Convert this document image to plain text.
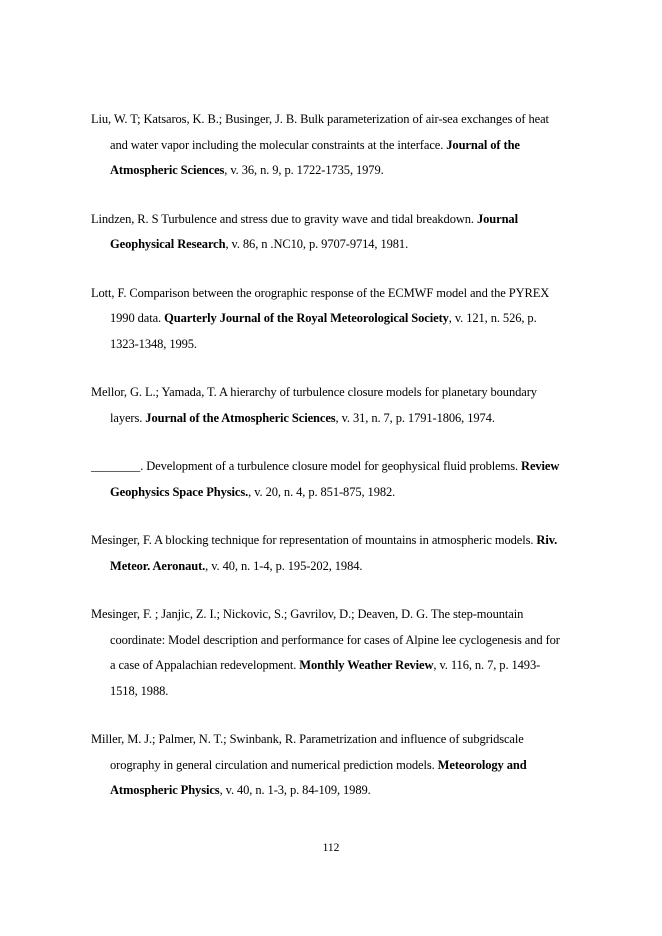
Liu, W. T; Katsaros, K. B.; Businger, J. B. Bulk parameterization of air-sea exchanges of heat and water vapor including the molecular constraints at the interface. Journal of the Atmospheric Sciences, v. 36, n. 9, p. 1722-1735, 1979.

Lindzen, R. S Turbulence and stress due to gravity wave and tidal breakdown. Journal Geophysical Research, v. 86, n .NC10, p. 9707-9714, 1981.

Lott, F. Comparison between the orographic response of the ECMWF model and the PYREX 1990 data. Quarterly Journal of the Royal Meteorological Society, v. 121, n. 526, p. 1323-1348, 1995.

Mellor, G. L.; Yamada, T. A hierarchy of turbulence closure models for planetary boundary layers. Journal of the Atmospheric Sciences, v. 31, n. 7, p. 1791-1806, 1974.

________. Development of a turbulence closure model for geophysical fluid problems. Review Geophysics Space Physics., v. 20, n. 4, p. 851-875, 1982.

Mesinger, F. A blocking technique for representation of mountains in atmospheric models. Riv. Meteor. Aeronaut., v. 40, n. 1-4, p. 195-202, 1984.

Mesinger, F. ; Janjic, Z. I.; Nickovic, S.; Gavrilov, D.; Deaven, D. G. The step-mountain coordinate: Model description and performance for cases of Alpine lee cyclogenesis and for a case of Appalachian redevelopment. Monthly Weather Review, v. 116, n. 7, p. 1493-1518, 1988.

Miller, M. J.; Palmer, N. T.; Swinbank, R. Parametrization and influence of subgridscale orography in general circulation and numerical prediction models. Meteorology and Atmospheric Physics, v. 40, n. 1-3, p. 84-109, 1989.

112
